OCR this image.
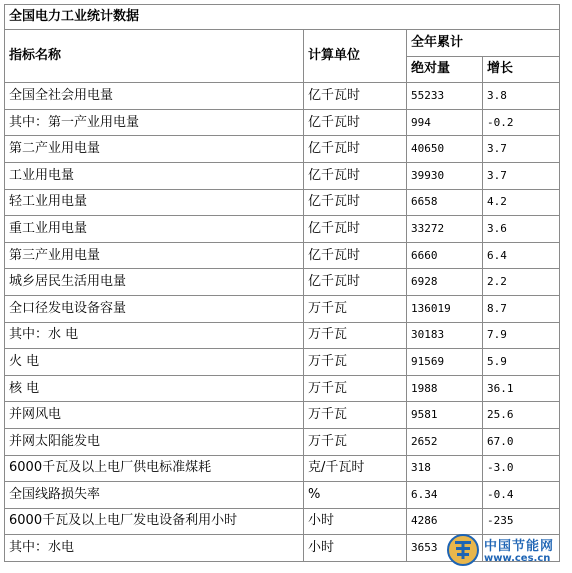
全国电力工业统计数据			
指标名称	计算单位	全年累计	
		绝对量	增长
全国全社会用电量	亿千瓦时	55233	3.8
其中：第一产业用电量	亿千瓦时	994	-0.2
第二产业用电量	亿千瓦时	40650	3.7
工业用电量	亿千瓦时	39930	3.7
轻工业用电量	亿千瓦时	6658	4.2
重工业用电量	亿千瓦时	33272	3.6
第三产业用电量	亿千瓦时	6660	6.4
城乡居民生活用电量	亿千瓦时	6928	2.2
全口径发电设备容量	万千瓦	136019	8.7
其中：水 电	万千瓦	30183	7.9
火 电	万千瓦	91569	5.9
核 电	万千瓦	1988	36.1
并网风电	万千瓦	9581	25.6
并网太阳能发电	万千瓦	2652	67.0
6000千瓦及以上电厂供电标准煤耗	克/千瓦时	318	-3.0
全国线路损失率	%	6.34	-0.4
6000千瓦及以上电厂发电设备利用小时	小时	4286	-235
其中：水电	小时	3653		中国节能网
www.ces.cn
